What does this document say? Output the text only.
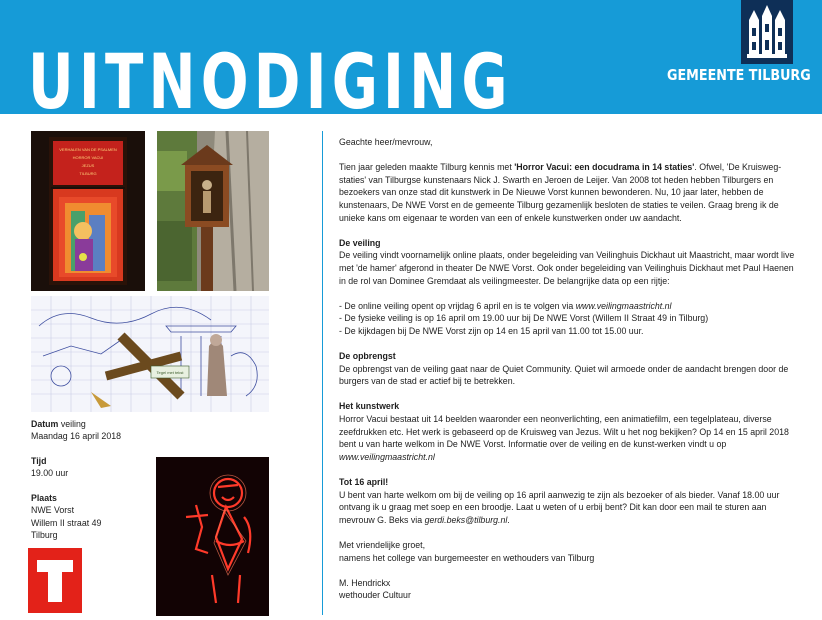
UITNODIGING	GEMEENTE TILBURG
VERHALEN VAN DE PSALMEN
HORROR VACUI
JEZUS
TILBURG
Tegel met tekst
Datum veiling
Maandag 16 april 2018
Tijd
19.00 uur
Plaats
NWE Vorst
Willem II straat 49
Tilburg

Geachte heer/mevrouw,

Tien jaar geleden maakte Tilburg kennis met 'Horror Vacui: een docudrama in 14 staties'. Ofwel, 'De Kruisweg-staties' van Tilburgse kunstenaars Nick J. Swarth en Jeroen de Leijer. Van 2008 tot heden hebben Tilburgers en bezoekers van onze stad dit kunstwerk in De Nieuwe Vorst kunnen bewonderen. Nu, 10 jaar later, hebben de kunstenaars, De NWE Vorst en de gemeente Tilburg gezamenlijk besloten de staties te veilen. Graag breng ik de unieke kans om eigenaar te worden van een of enkele kunstwerken onder uw aandacht.

De veiling
De veiling vindt voornamelijk online plaats, onder begeleiding van Veilinghuis Dickhaut uit Maastricht, maar wordt live met 'de hamer' afgerond in theater De NWE Vorst. Ook onder begeleiding van Veilinghuis Dickhaut met Paul Haenen in de rol van Dominee Gremdaat als veilingmeester. De belangrijke data op een rijtje:

- De online veiling opent op vrijdag 6 april en is te volgen via www.veilingmaastricht.nl
- De fysieke veiling is op 16 april om 19.00 uur bij De NWE Vorst (Willem II Straat 49 in Tilburg)
- De kijkdagen bij De NWE Vorst zijn op 14 en 15 april van 11.00 tot 15.00 uur.

De opbrengst
De opbrengst van de veiling gaat naar de Quiet Community. Quiet wil armoede onder de aandacht brengen door de burgers van de stad er actief bij te betrekken.

Het kunstwerk
Horror Vacui bestaat uit 14 beelden waaronder een neonverlichting, een animatiefilm, een tegelplateau, diverse zeefdrukken etc. Het werk is gebaseerd op de Kruisweg van Jezus. Wilt u het nog bekijken? Op 14 en 15 april 2018 bent u van harte welkom in De NWE Vorst. Informatie over de veiling en de kunst-werken vindt u op www.veilingmaastricht.nl

Tot 16 april!
U bent van harte welkom om bij de veiling op 16 april aanwezig te zijn als bezoeker of als bieder. Vanaf 18.00 uur ontvang ik u graag met soep en een broodje. Laat u weten of u erbij bent? Dit kan door een mail te sturen aan mevrouw G. Beks via gerdi.beks@tilburg.nl.

Met vriendelijke groet,
namens het college van burgemeester en wethouders van Tilburg

M. Hendrickx
wethouder Cultuur
